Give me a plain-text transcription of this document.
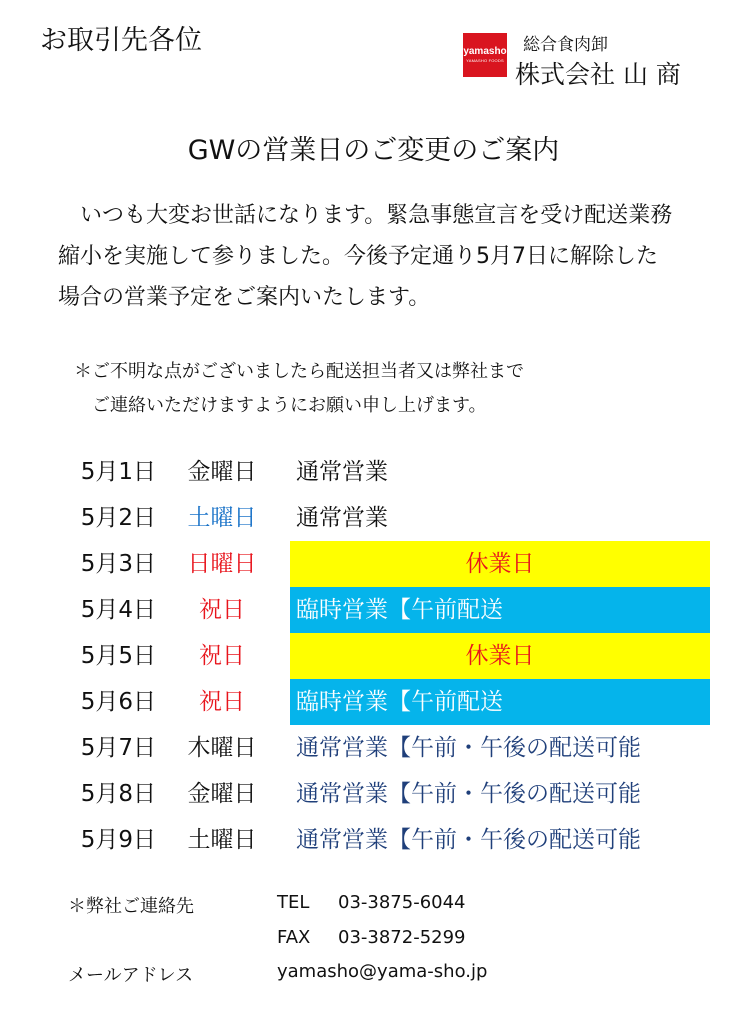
お取引先各位	yamasho
YAMASHO FOODS
総合食肉卸
株式会社 山 商
GWの営業日のご変更のご案内
　いつも大変お世話になります。緊急事態宣言を受け配送業務
縮小を実施して参りました。今後予定通り5月7日に解除した
場合の営業予定をご案内いたします。
＊ご不明な点がございましたら配送担当者又は弊社まで
　ご連絡いただけますようにお願い申し上げます。
5月1日	金曜日	通常営業
5月2日	土曜日	通常営業
5月3日	日曜日	休業日
5月4日	祝日	臨時営業【午前配送
5月5日	祝日	休業日
5月6日	祝日	臨時営業【午前配送
5月7日	木曜日	通常営業【午前・午後の配送可能
5月8日	金曜日	通常営業【午前・午後の配送可能
5月9日	土曜日	通常営業【午前・午後の配送可能
＊弊社ご連絡先	TEL 03-3875-6044
FAX 03-3872-5299
メールアドレス	yamasho@yama-sho.jp
